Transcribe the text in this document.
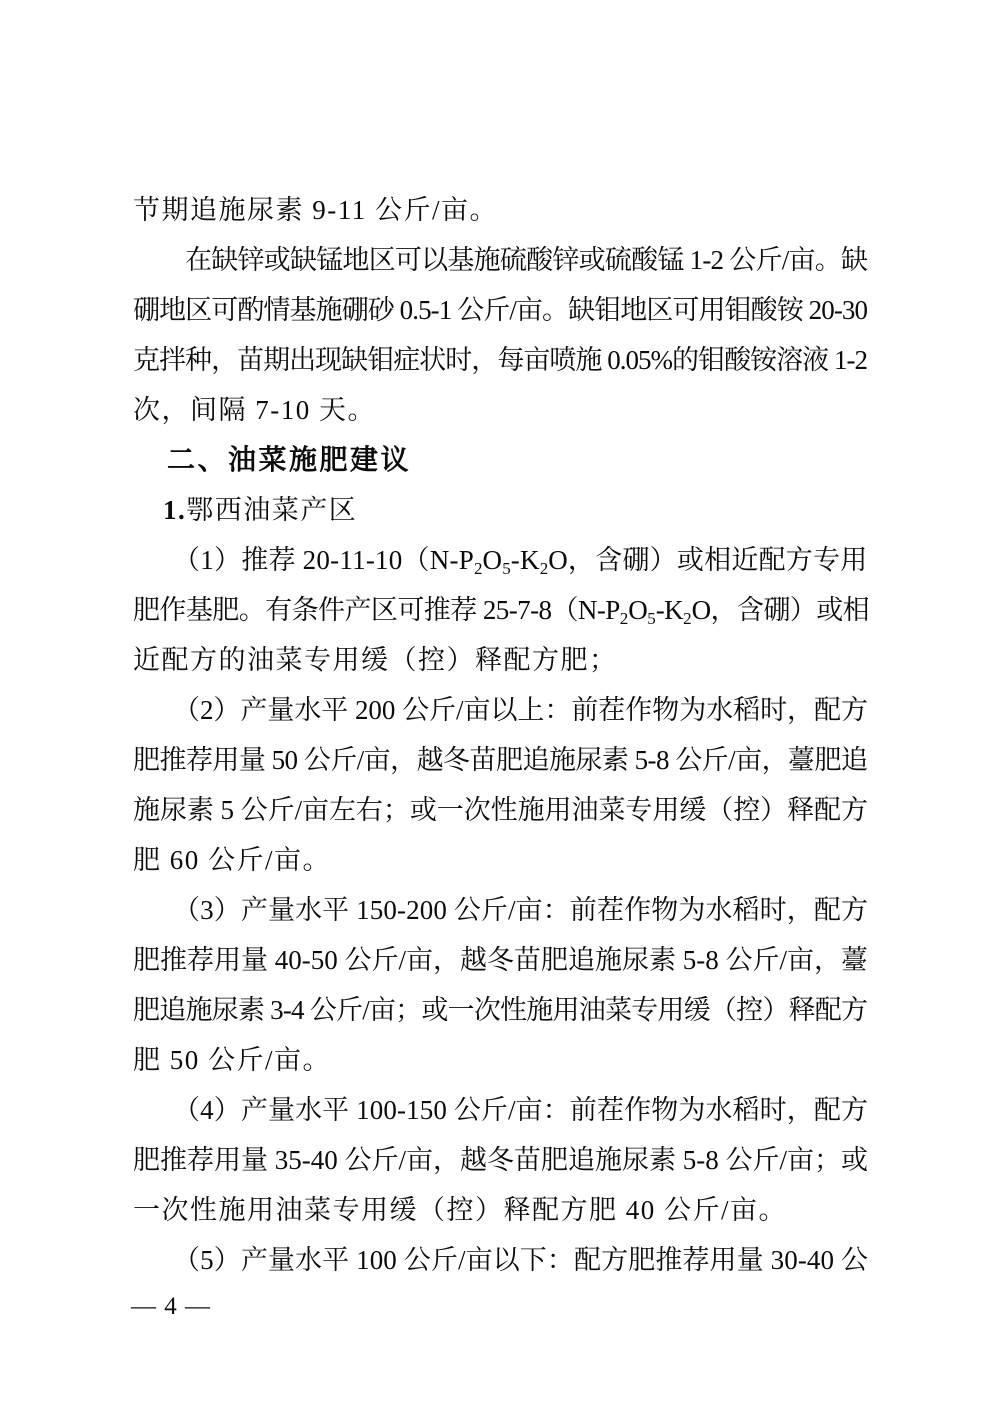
节期追施尿素 9-11 公斤/亩。
在缺锌或缺锰地区可以基施硫酸锌或硫酸锰 1-2 公斤/亩。缺
硼地区可酌情基施硼砂 0.5-1 公斤/亩。缺钼地区可用钼酸铵 20-30
克拌种，苗期出现缺钼症状时，每亩喷施 0.05%的钼酸铵溶液 1-2
次，间隔 7-10 天。
二、油菜施肥建议
1.鄂西油菜产区
（1）推荐 $20-11-10(N-P_2O_5-K_2O$，含硼）或相近配方专用
肥作基肥。有条件产区可推荐 $25-7-8(N-P_2O_5-K_2O$，含硼）或相
近配方的油菜专用缓（控）释配方肥；
（2）产量水平 200 公斤/亩以上：前茬作物为水稻时，配方
肥推荐用量 50 公斤/亩，越冬苗肥追施尿素 5-8 公斤/亩，薹肥追
施尿素 5 公斤/亩左右；或一次性施用油菜专用缓（控）释配方
肥 60 公斤/亩。
（3）产量水平 150-200 公斤/亩：前茬作物为水稻时，配方
肥推荐用量 40-50 公斤/亩，越冬苗肥追施尿素 5-8 公斤/亩，薹
肥追施尿素 3-4 公斤/亩；或一次性施用油菜专用缓（控）释配方
肥 50 公斤/亩。
（4）产量水平 100-150 公斤/亩：前茬作物为水稻时，配方
肥推荐用量 35-40 公斤/亩，越冬苗肥追施尿素 5-8 公斤/亩；或
一次性施用油菜专用缓（控）释配方肥 40 公斤/亩。
（5）产量水平 100 公斤/亩以下：配方肥推荐用量 30-40 公
— 4 —
